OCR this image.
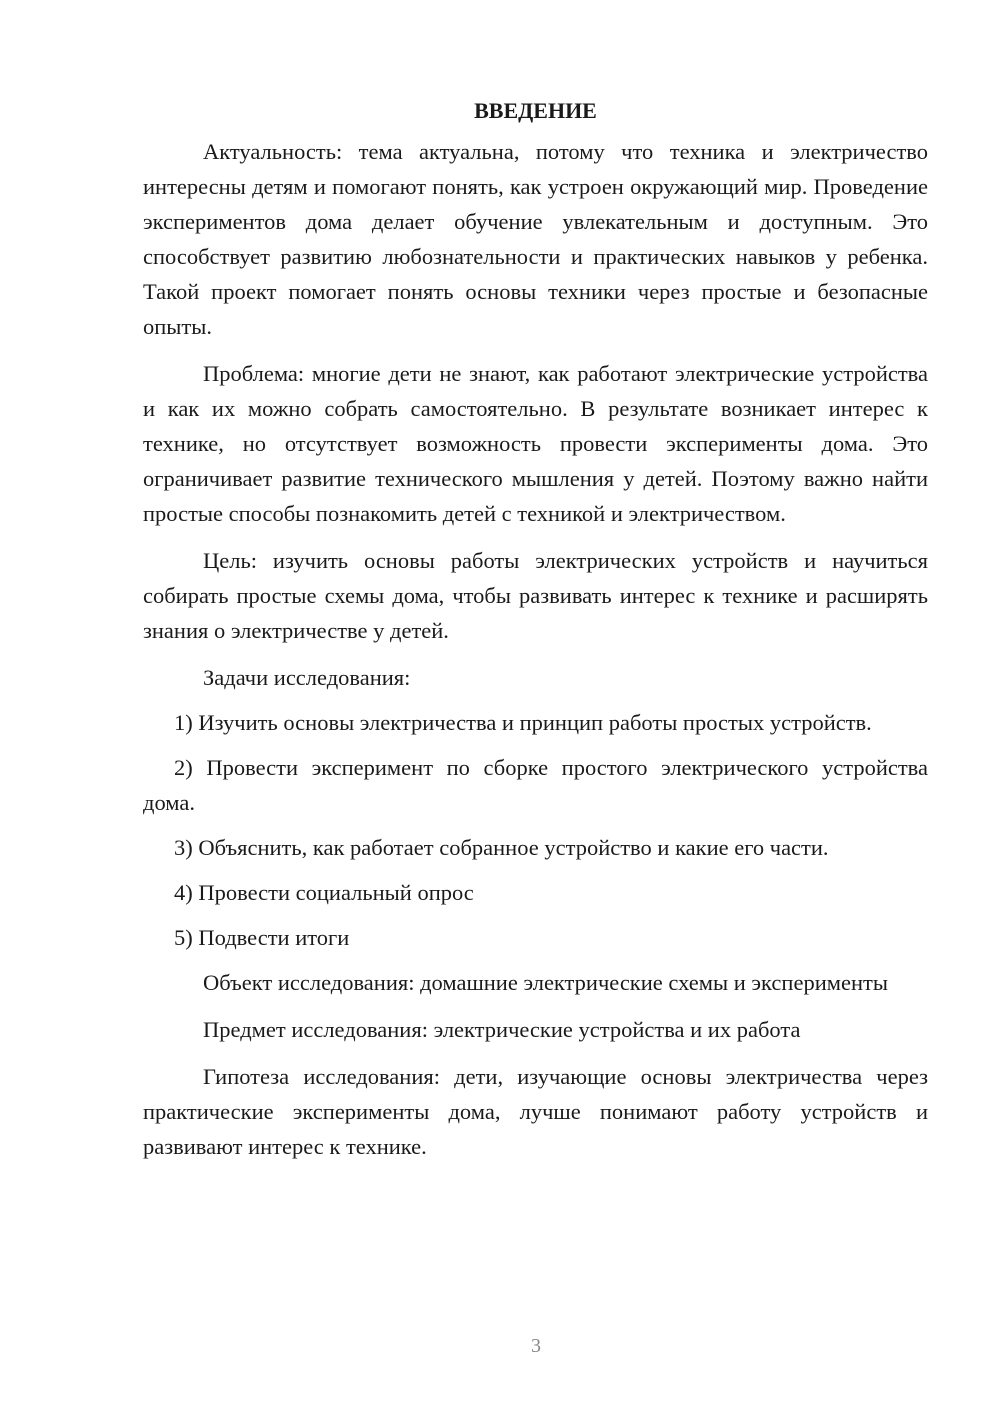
ВВЕДЕНИЕ

Актуальность: тема актуальна, потому что техника и электричество интересны детям и помогают понять, как устроен окружающий мир. Проведение экспериментов дома делает обучение увлекательным и доступным. Это способствует развитию любознательности и практических навыков у ребенка. Такой проект помогает понять основы техники через простые и безопасные опыты.

Проблема: многие дети не знают, как работают электрические устройства и как их можно собрать самостоятельно. В результате возникает интерес к технике, но отсутствует возможность провести эксперименты дома. Это ограничивает развитие технического мышления у детей. Поэтому важно найти простые способы познакомить детей с техникой и электричеством.

Цель: изучить основы работы электрических устройств и научиться собирать простые схемы дома, чтобы развивать интерес к технике и расширять знания о электричестве у детей.

Задачи исследования:

1) Изучить основы электричества и принцип работы простых устройств.

2) Провести эксперимент по сборке простого электрического устройства дома.

3) Объяснить, как работает собранное устройство и какие его части.

4) Провести социальный опрос

5) Подвести итоги

Объект исследования: домашние электрические схемы и эксперименты

Предмет исследования: электрические устройства и их работа

Гипотеза исследования: дети, изучающие основы электричества через практические эксперименты дома, лучше понимают работу устройств и развивают интерес к технике.

3
